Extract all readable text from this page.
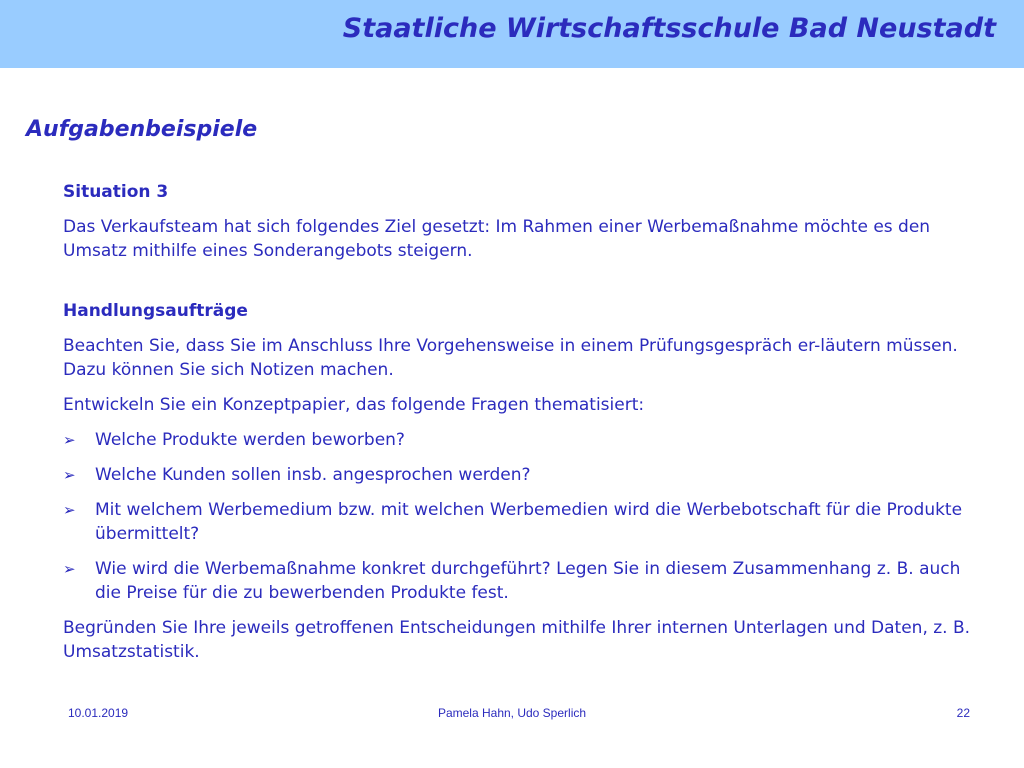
Staatliche Wirtschaftsschule Bad Neustadt
Aufgabenbeispiele

Situation 3

Das Verkaufsteam hat sich folgendes Ziel gesetzt: Im Rahmen einer Werbemaßnahme möchte es den Umsatz mithilfe eines Sonderangebots steigern.

Handlungsaufträge

Beachten Sie, dass Sie im Anschluss Ihre Vorgehensweise in einem Prüfungsgespräch er-läutern müssen. Dazu können Sie sich Notizen machen.

Entwickeln Sie ein Konzeptpapier, das folgende Fragen thematisiert:

➢	Welche Produkte werden beworben?
➢	Welche Kunden sollen insb. angesprochen werden?
➢	Mit welchem Werbemedium bzw. mit welchen Werbemedien wird die Werbebotschaft für die Produkte übermittelt?
➢	Wie wird die Werbemaßnahme konkret durchgeführt? Legen Sie in diesem Zusammenhang z. B. auch die Preise für die zu bewerbenden Produkte fest.

Begründen Sie Ihre jeweils getroffenen Entscheidungen mithilfe Ihrer internen Unterlagen und Daten, z. B. Umsatzstatistik.

10.01.2019	Pamela Hahn, Udo Sperlich	22
